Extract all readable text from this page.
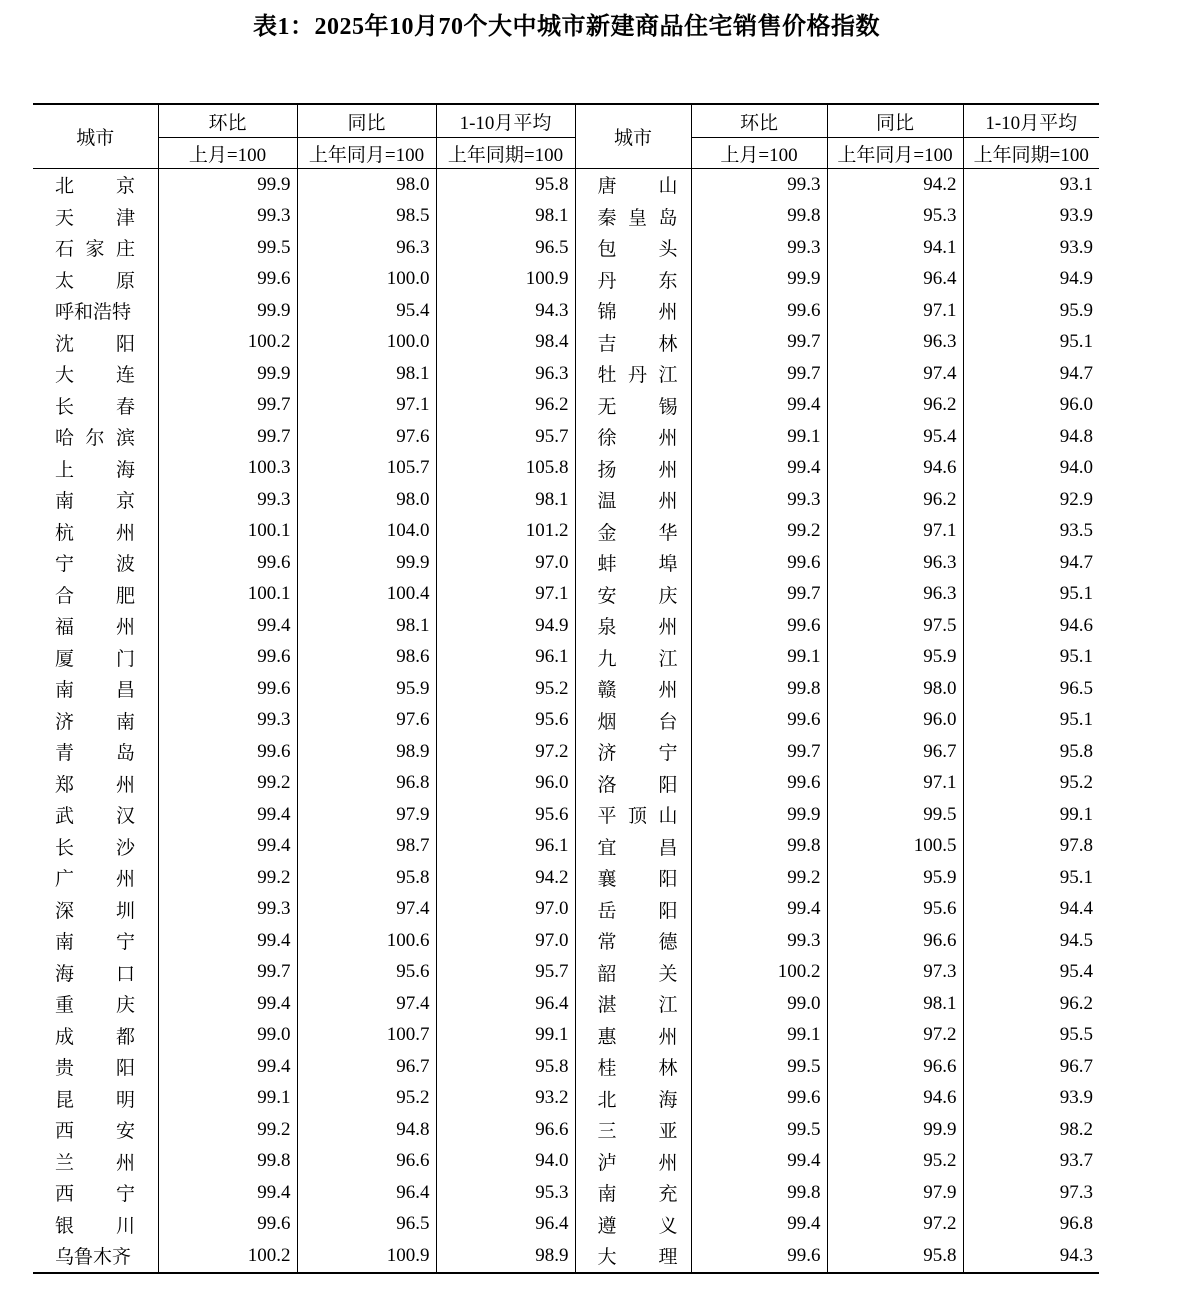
表1：2025年10月70个大中城市新建商品住宅销售价格指数
城市	环比	同比	1-10月平均	城市	环比	同比	1-10月平均
	上月=100	上年同月=100	上年同期=100		上月=100	上年同月=100	上年同期=100

北 京	99.9	98.0	95.8	唐 山	99.3	94.2	93.1

天 津	99.3	98.5	98.1	秦 皇 岛	99.8	95.3	93.9

石 家 庄	99.5	96.3	96.5	包 头	99.3	94.1	93.9

太 原	99.6	100.0	100.9	丹 东	99.9	96.4	94.9

呼和浩特	99.9	95.4	94.3	锦 州	99.6	97.1	95.9

沈 阳	100.2	100.0	98.4	吉 林	99.7	96.3	95.1

大 连	99.9	98.1	96.3	牡 丹 江	99.7	97.4	94.7

长 春	99.7	97.1	96.2	无 锡	99.4	96.2	96.0

哈 尔 滨	99.7	97.6	95.7	徐 州	99.1	95.4	94.8

上 海	100.3	105.7	105.8	扬 州	99.4	94.6	94.0

南 京	99.3	98.0	98.1	温 州	99.3	96.2	92.9

杭 州	100.1	104.0	101.2	金 华	99.2	97.1	93.5

宁 波	99.6	99.9	97.0	蚌 埠	99.6	96.3	94.7

合 肥	100.1	100.4	97.1	安 庆	99.7	96.3	95.1

福 州	99.4	98.1	94.9	泉 州	99.6	97.5	94.6

厦 门	99.6	98.6	96.1	九 江	99.1	95.9	95.1

南 昌	99.6	95.9	95.2	赣 州	99.8	98.0	96.5

济 南	99.3	97.6	95.6	烟 台	99.6	96.0	95.1

青 岛	99.6	98.9	97.2	济 宁	99.7	96.7	95.8

郑 州	99.2	96.8	96.0	洛 阳	99.6	97.1	95.2

武 汉	99.4	97.9	95.6	平 顶 山	99.9	99.5	99.1

长 沙	99.4	98.7	96.1	宜 昌	99.8	100.5	97.8

广 州	99.2	95.8	94.2	襄 阳	99.2	95.9	95.1

深 圳	99.3	97.4	97.0	岳 阳	99.4	95.6	94.4

南 宁	99.4	100.6	97.0	常 德	99.3	96.6	94.5

海 口	99.7	95.6	95.7	韶 关	100.2	97.3	95.4

重 庆	99.4	97.4	96.4	湛 江	99.0	98.1	96.2

成 都	99.0	100.7	99.1	惠 州	99.1	97.2	95.5

贵 阳	99.4	96.7	95.8	桂 林	99.5	96.6	96.7

昆 明	99.1	95.2	93.2	北 海	99.6	94.6	93.9

西 安	99.2	94.8	96.6	三 亚	99.5	99.9	98.2

兰 州	99.8	96.6	94.0	泸 州	99.4	95.2	93.7

西 宁	99.4	96.4	95.3	南 充	99.8	97.9	97.3

银 川	99.6	96.5	96.4	遵 义	99.4	97.2	96.8

乌鲁木齐	100.2	100.9	98.9	大 理	99.6	95.8	94.3
